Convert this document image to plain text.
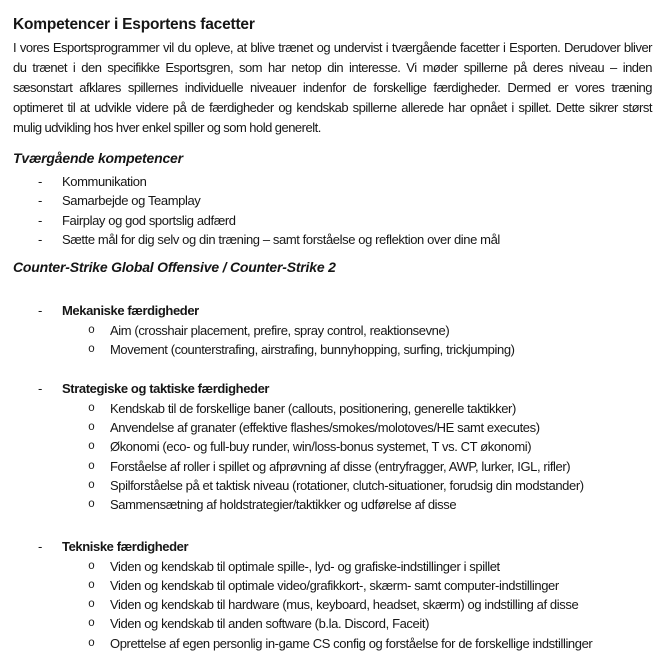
Kompetencer i Esportens facetter

I vores Esportsprogrammer vil du opleve, at blive trænet og undervist i tværgående facetter i Esporten. Derudover bliver du trænet i den specifikke Esportsgren, som har netop din interesse. Vi møder spillerne på deres niveau – inden sæsonstart afklares spillernes individuelle niveauer indenfor de forskellige færdigheder. Dermed er vores træning optimeret til at udvikle videre på de færdigheder og kendskab spillerne allerede har opnået i spillet. Dette sikrer størst mulig udvikling hos hver enkel spiller og som hold generelt.

Tværgående kompetencer
- Kommunikation
- Samarbejde og Teamplay
- Fairplay og god sportslig adfærd
- Sætte mål for dig selv og din træning – samt forståelse og reflektion over dine mål
Counter-Strike Global Offensive / Counter-Strike 2
- Mekaniske færdigheder
o Aim (crosshair placement, prefire, spray control, reaktionsevne)
o Movement (counterstrafing, airstrafing, bunnyhopping, surfing, trickjumping)
- Strategiske og taktiske færdigheder
o Kendskab til de forskellige baner (callouts, positionering, generelle taktikker)
o Anvendelse af granater (effektive flashes/smokes/molotoves/HE samt executes)
o Økonomi (eco- og full-buy runder, win/loss-bonus systemet, T vs. CT økonomi)
o Forståelse af roller i spillet og afprøvning af disse (entryfragger, AWP, lurker, IGL, rifler)
o Spilforståelse på et taktisk niveau (rotationer, clutch-situationer, forudsig din modstander)
o Sammensætning af holdstrategier/taktikker og udførelse af disse
- Tekniske færdigheder
o Viden og kendskab til optimale spille-, lyd- og grafiske-indstillinger i spillet
o Viden og kendskab til optimale video/grafikkort-, skærm- samt computer-indstillinger
o Viden og kendskab til hardware (mus, keyboard, headset, skærm) og indstilling af disse
o Viden og kendskab til anden software (b.la. Discord, Faceit)
o Oprettelse af egen personlig in-game CS config og forståelse for de forskellige indstillinger
